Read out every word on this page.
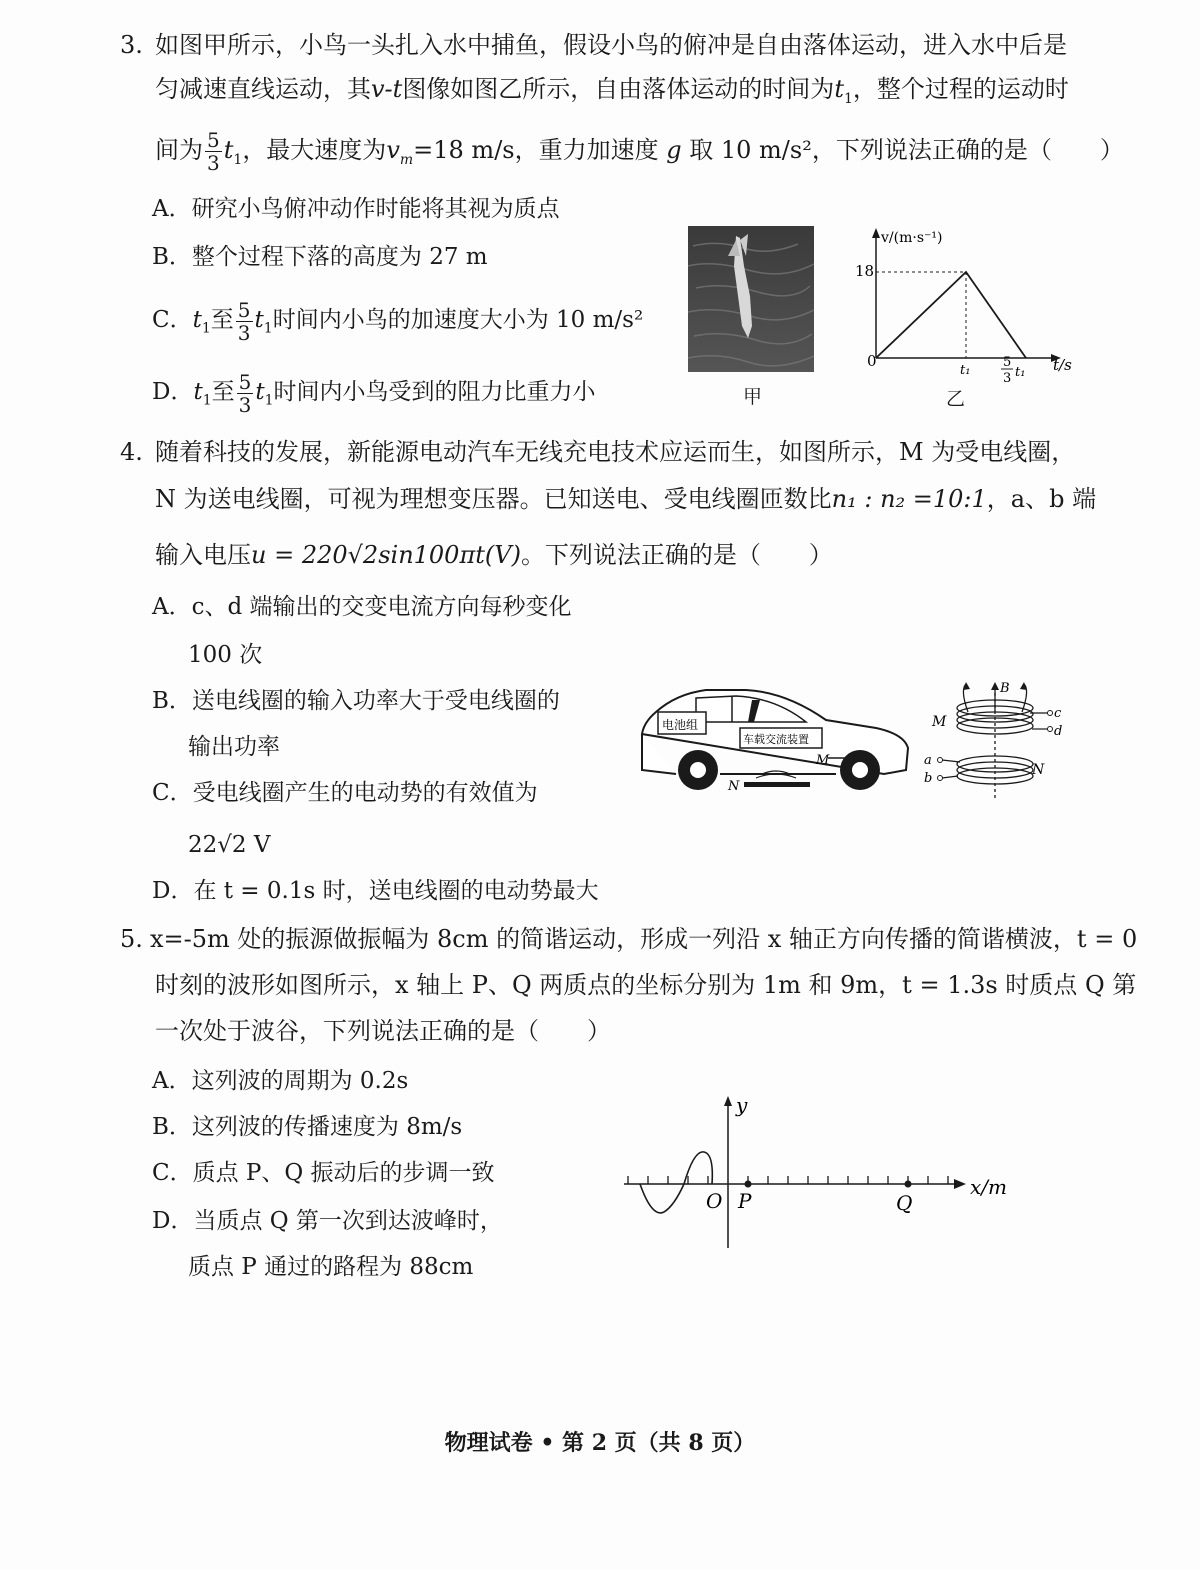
3. 如图甲所示，小鸟一头扎入水中捕鱼，假设小鸟的俯冲是自由落体运动，进入水中后是
匀减速直线运动，其v-t图像如图乙所示，自由落体运动的时间为$t_1$，整个过程的运动时
间为 $\frac{5}{3} t_1$，最大速度为$v_m=18$ m/s，重力加速度 g 取 10 m/s²，下列说法正确的是（　　）
A．研究小鸟俯冲动作时能将其视为质点
B．整个过程下落的高度为 27 m
C．$t_1$至 $\frac{5}{3} t_1$时间内小鸟的加速度大小为 10 m/s²
D．$t_1$至 $\frac{5}{3} t_1$时间内小鸟受到的阻力比重力小	甲
v/(m·s⁻¹)
t/s
18
0
t₁
5
3 t₁
乙
4. 随着科技的发展，新能源电动汽车无线充电技术应运而生，如图所示，M 为受电线圈，
N 为送电线圈，可视为理想变压器。已知送电、受电线圈匝数比n₁ : n₂ =10:1，a、b 端
输入电压u = 220√2sin100πt(V)。下列说法正确的是（　　）
A．c、d 端输出的交变电流方向每秒变化
100 次
B．送电线圈的输入功率大于受电线圈的
输出功率
C．受电线圈产生的电动势的有效值为
22√2 V
D．在 t = 0.1s 时，送电线圈的电动势最大
电池组
车载交流装置
M
N
B
M
c
d
N
a
b
5. x=-5m 处的振源做振幅为 8cm 的简谐运动，形成一列沿 x 轴正方向传播的简谐横波，t = 0
时刻的波形如图所示，x 轴上 P、Q 两质点的坐标分别为 1m 和 9m，t = 1.3s 时质点 Q 第
一次处于波谷，下列说法正确的是（　　）
A．这列波的周期为 0.2s
B．这列波的传播速度为 8m/s
C．质点 P、Q 振动后的步调一致
D．当质点 Q 第一次到达波峰时，
质点 P 通过的路程为 88cm
y
x/m
O P	Q
物理试卷 • 第 2 页（共 8 页）
